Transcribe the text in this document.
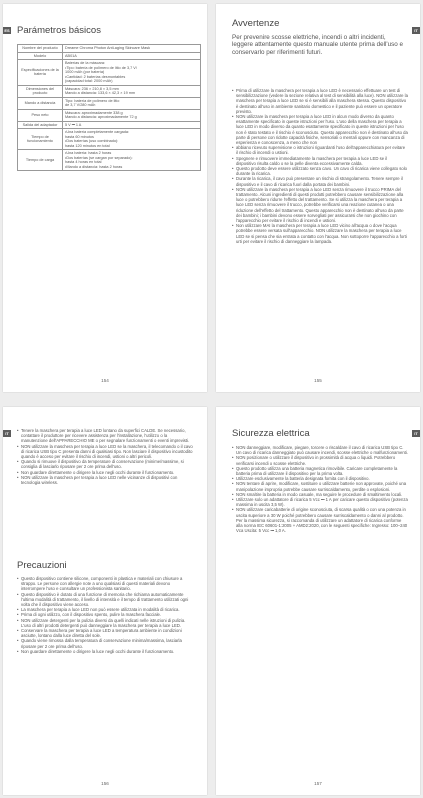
ES Parámetros básicos
Nombre del producto	Dreame Chroma Photon Anti-aging Skincare Mask

Modelo	AB01A

Especificaciones de la batería	Baterías de la máscara:
•Tipo: batería de polímero de litio de 3,7 V/
1000 mAh (por batería)
•Cantidad: 2 baterías desmontables
(capacidad total: 2000 mAh)

Dimensiones del producto	Máscara: 236 × 210,8 × 3,5 mm
Mando a distancia: 133,6 × 42,3 × 19 mm

Mando a distancia	Tipo: batería de polímero de litio
de 3,7 V/280 mAh

Peso neto	Máscara: aproximadamente 338 g
Mando a distancia: aproximadamente 72 g

Salida del adaptador	5 V ⎓ 1 A

Tiempo de funcionamiento	•Una batería completamente cargada:
hasta 60 minutos
•Dos baterías (uso combinado):
hasta 120 minutos en total

Tiempo de carga	•Una batería: hasta 2 horas
•Dos baterías (se cargan por separado):
hasta 4 horas en total
•Mando a distancia: hasta 2 horas
154
IT
Avvertenze
Per prevenire scosse elettriche, incendi o altri incidenti, leggere attentamente questo manuale utente prima dell'uso e conservarlo per riferimenti futuri.
• Prima di utilizzare la maschera per terapia a luce LED è necessario effettuare un test di sensibilizzazione (vedere la sezione relativa al test di sensibilità alla luce). NON utilizzare la maschera per terapia a luce LED se si è sensibili alla maschera stessa. Questo dispositivo è destinato all'uso in ambiente sanitario domestico e il paziente può essere un operatore previsto.
• NON utilizzare la maschera per terapia a luce LED in alcun modo diverso da quanto esattamente specificato in queste istruzioni per l'uso. L'uso della maschera per terapia a luce LED in modo diverso da quanto esattamente specificato in queste istruzioni per l'uso non è stato testato e il rischio è sconosciuto. Questo apparecchio non è destinato all'uso da parte di persone con ridotte capacità fisiche, sensoriali o mentali oppure con mancanza di esperienza e conoscenza, a meno che non
• abbiano ricevuto supervisione o istruzioni riguardanti l'uso dell'apparecchiatura per evitare il rischio di incendi o ustioni.
• Spegnere e rimuovere immediatamente la maschera per terapia a luce LED se il dispositivo risulta caldo o se la pelle diventa eccessivamente calda.
• Questo prodotto deve essere utilizzato senza cavo. Un cavo di ricarica viene collegato solo durante la ricarica.
• Durante la ricarica, il cavo può presentare un rischio di strangolamento. Tenere sempre il dispositivo e il cavo di ricarica fuori dalla portata dei bambini.
• NON utilizzare la maschera per terapia a luce LED senza rimuovere il trucco PRIMA del trattamento. Alcuni ingredienti di questi prodotti potrebbero causare sensibilizzazione alla luce o potrebbero ridurre l'effetto del trattamento. Se si utilizza la maschera per terapia a luce LED senza rimuovere il trucco, potrebbe verificarsi una reazione cutanea o una riduzione dell'effetto del trattamento. Questo apparecchio non è destinato all'uso da parte dei bambini; i bambini devono essere sorvegliati per assicurarsi che non giochino con l'apparecchio per evitare il rischio di incendi e ustioni.
• Non utilizzare MAI la maschera per terapia a luce LED vicino all'acqua o dove l'acqua potrebbe essere versata sull'apparecchio. NON utilizzare la maschera per terapia a luce LED se si pensa che sia entrata a contatto con l'acqua. Non sottoporre l'apparecchio a forti urti per evitare il rischio di danneggiare la lampada.
155
IT
• Tenere la maschera per terapia a luce LED lontano da superfici CALDE. Se necessario, contattare il produttore per ricevere assistenza per l'installazione, l'utilizzo o la manutenzione dell'APPARECCHIO ME o per segnalare funzionamenti o eventi imprevisti.
• NON utilizzare la maschera per terapia a luce LED se la maschera, il telecomando o il cavo di ricarica USB tipo C presenta danni di qualsiasi tipo. Non lasciare il dispositivo incustodito quando è acceso per evitare il rischio di incendi, ustioni o altri pericoli.
• Quando si rimuove il dispositivo da temperature di conservazione (minime/massime, si consiglia di lasciarlo riposare per 2 ore prima dell'uso.
• Non guardare direttamente o dirigere la luce negli occhi durante il funzionamento.
• NON utilizzare la maschera per terapia a luce LED nelle vicinanze di dispositivi con tecnologia wireless.
Precauzioni
• Questo dispositivo contiene silicone, componenti in plastica e materiali con chiusure a strappo. Le persone con allergie note a uno qualsiasi di questi materiali devono interrompere l'uso e consultare un professionista sanitario.
• Questo dispositivo è dotato di una funzione di memoria che richiama automaticamente l'ultima modalità di trattamento, il livello di intensità e il tempo di trattamento utilizzati ogni volta che il dispositivo viene acceso.
• La maschera per terapia a luce LED non può essere utilizzata in modalità di ricarica.
• Prima di ogni utilizzo, con il dispositivo spento, pulire la maschera facciale.
• NON utilizzare detergenti per la pulizia diversi da quelli indicati nelle istruzioni di pulizia. L'uso di altri prodotti detergenti può danneggiare la maschera per terapia a luce LED.
• Conservare la maschera per terapia a luce LED a temperatura ambiente in condizioni asciutte, lontano dalla luce diretta del sole.
• Quando viene rimossa dalla temperatura di conservazione minima/massima, lasciarla riposare per 2 ore prima dell'uso.
• Non guardare direttamente o dirigere la luce negli occhi durante il funzionamento.
156
IT
Sicurezza elettrica
• NON danneggiare, modificare, piegare, torcere o riscaldare il cavo di ricarica USB tipo C. Un cavo di ricarica danneggiato può causare incendi, scosse elettriche o malfunzionamenti.
• NON posizionare o utilizzare il dispositivo in prossimità di acqua o liquidi. Potrebbero verificarsi incendi o scosse elettriche.
• Questo prodotto utilizza una batteria magnetica rimovibile. Caricare completamente la batteria prima di utilizzare il dispositivo per la prima volta.
• Utilizzare esclusivamente la batteria designata fornita con il dispositivo.
• NON tentare di aprire, modificare, sostituire o utilizzare batterie non approvate, poiché una manipolazione impropria potrebbe causare surriscaldamento, perdite o esplosioni.
• NON smaltire la batteria in modo casuale, ma seguire le procedure di smaltimento locali.
• Utilizzare solo un adattatore di ricarica 5 Vcc ⎓ 1 A per caricare questo dispositivo (potenza massima in uscita 3,5 W).
• NON utilizzare caricabatterie di origine sconosciuta, di scarsa qualità o con una potenza in uscita superiore a 30 W poiché potrebbero causare surriscaldamento o danni al prodotto. Per la massima sicurezza, si raccomanda di utilizzare un adattatore di ricarica conforme alla norma IEC 60601-1:2005 + AMD2:2020, con le seguenti specifiche: Ingresso: 100–240 Vca Uscita: 5 Vcc ⎓ 1,0 A.
157
